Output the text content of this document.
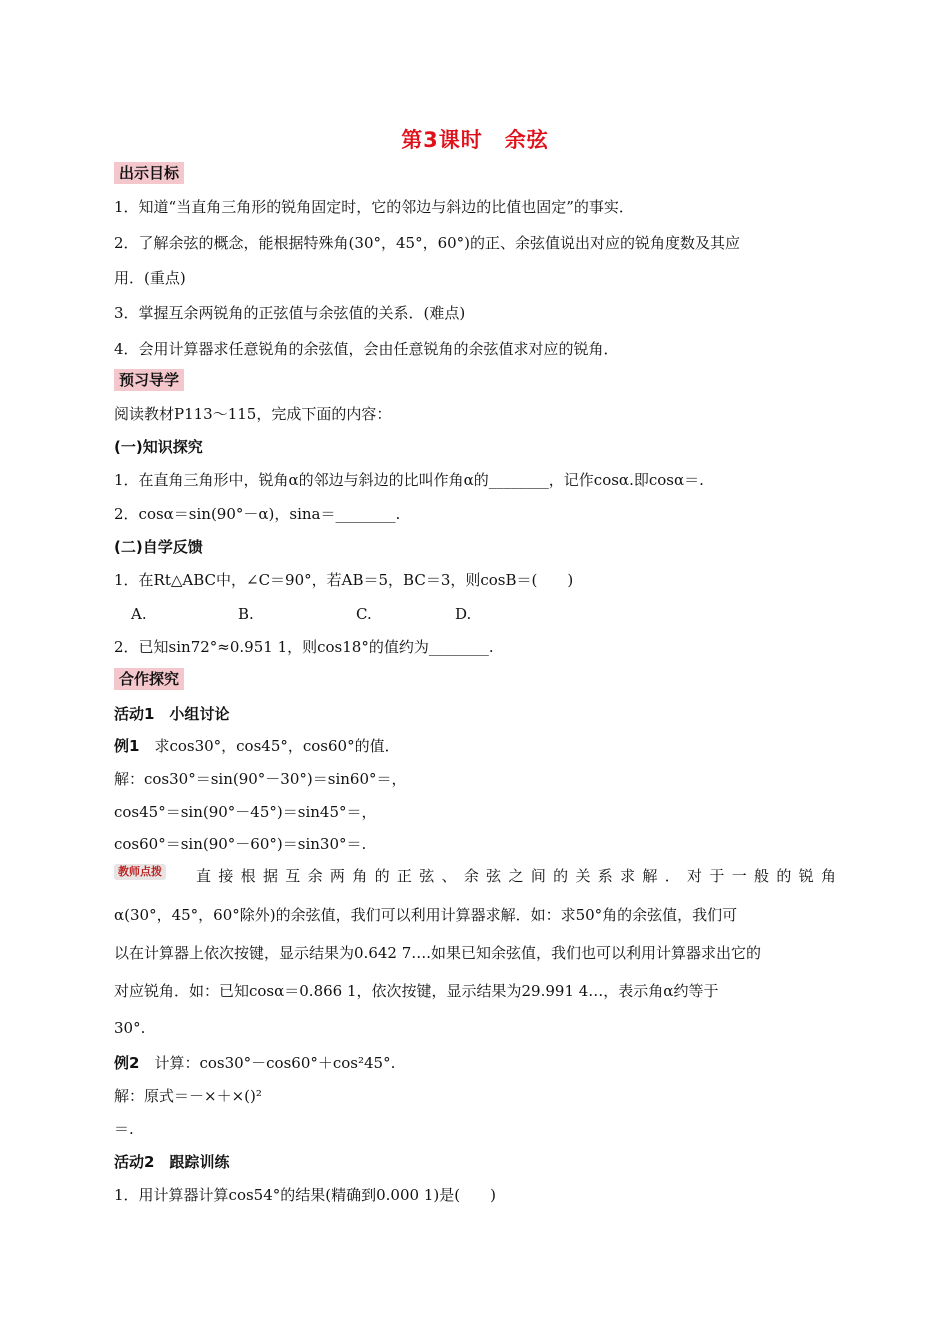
第3课时　余弦
出示目标
1．知道“当直角三角形的锐角固定时，它的邻边与斜边的比值也固定”的事实．
2．了解余弦的概念，能根据特殊角(30°，45°，60°)的正、余弦值说出对应的锐角度数及其应
用．(重点)
3．掌握互余两锐角的正弦值与余弦值的关系．(难点)
4．会用计算器求任意锐角的余弦值，会由任意锐角的余弦值求对应的锐角．
预习导学
阅读教材P113～115，完成下面的内容：
(一)知识探究
1．在直角三角形中，锐角α的邻边与斜边的比叫作角α的________，记作cosα.即cosα＝.
2．cosα＝sin(90°－α)，sina＝________.
(二)自学反馈
1．在Rt△ABC中，∠C＝90°，若AB＝5，BC＝3，则cosB＝(　　)
A.	B.	C.	D.
2．已知sin72°≈0.951 1，则cos18°的值约为________.
合作探究
活动1　小组讨论
例1　求cos30°，cos45°，cos60°的值．
解：cos30°＝sin(90°－30°)＝sin60°＝，
cos45°＝sin(90°－45°)＝sin45°＝，
cos60°＝sin(90°－60°)＝sin30°＝.
教师点拨 直接根据互余两角的正弦、余弦之间的关系求解．对于一般的锐角
α(30°，45°，60°除外)的余弦值，我们可以利用计算器求解．如：求50°角的余弦值，我们可
以在计算器上依次按键，显示结果为0.642 7….如果已知余弦值，我们也可以利用计算器求出它的
对应锐角．如：已知cosα＝0.866 1，依次按键，显示结果为29.991 4…，表示角α约等于
30°.
例2　计算：cos30°－cos60°＋cos²45°.
解：原式＝－×＋×()²
＝.
活动2　跟踪训练
1．用计算器计算cos54°的结果(精确到0.000 1)是(　　)
